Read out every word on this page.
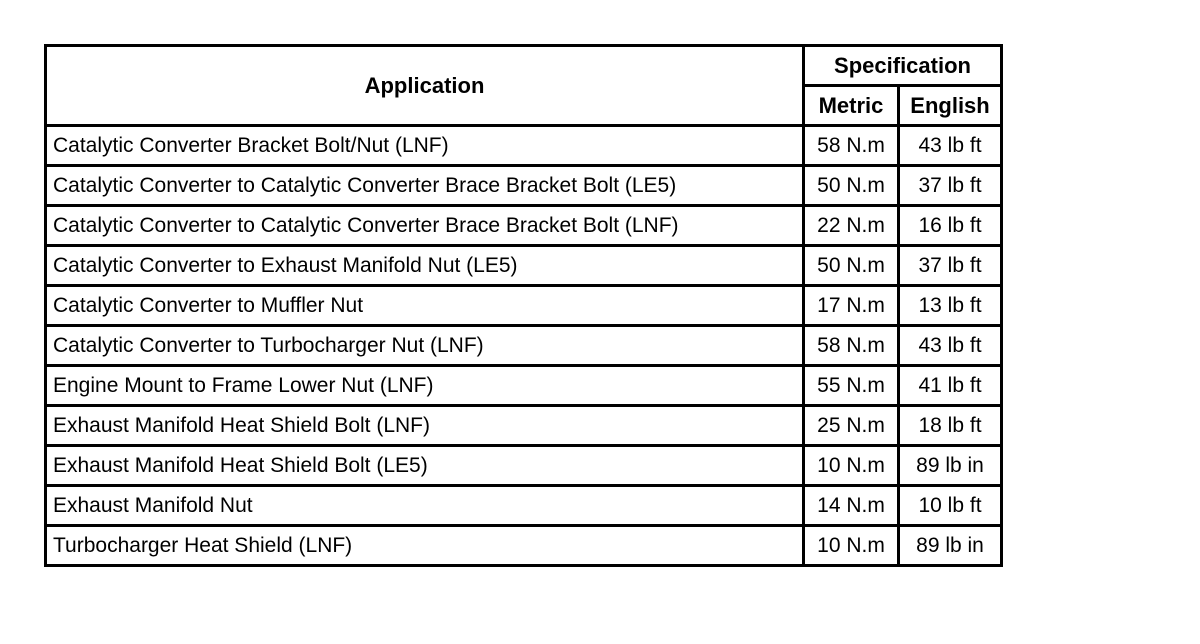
Application	Specification	
	Metric	English
Catalytic Converter Bracket Bolt/Nut (LNF)	58 N.m	43 lb ft
Catalytic Converter to Catalytic Converter Brace Bracket Bolt (LE5)	50 N.m	37 lb ft
Catalytic Converter to Catalytic Converter Brace Bracket Bolt (LNF)	22 N.m	16 lb ft
Catalytic Converter to Exhaust Manifold Nut (LE5)	50 N.m	37 lb ft
Catalytic Converter to Muffler Nut	17 N.m	13 lb ft
Catalytic Converter to Turbocharger Nut (LNF)	58 N.m	43 lb ft
Engine Mount to Frame Lower Nut (LNF)	55 N.m	41 lb ft
Exhaust Manifold Heat Shield Bolt (LNF)	25 N.m	18 lb ft
Exhaust Manifold Heat Shield Bolt (LE5)	10 N.m	89 lb in
Exhaust Manifold Nut	14 N.m	10 lb ft
Turbocharger Heat Shield (LNF)	10 N.m	89 lb in
